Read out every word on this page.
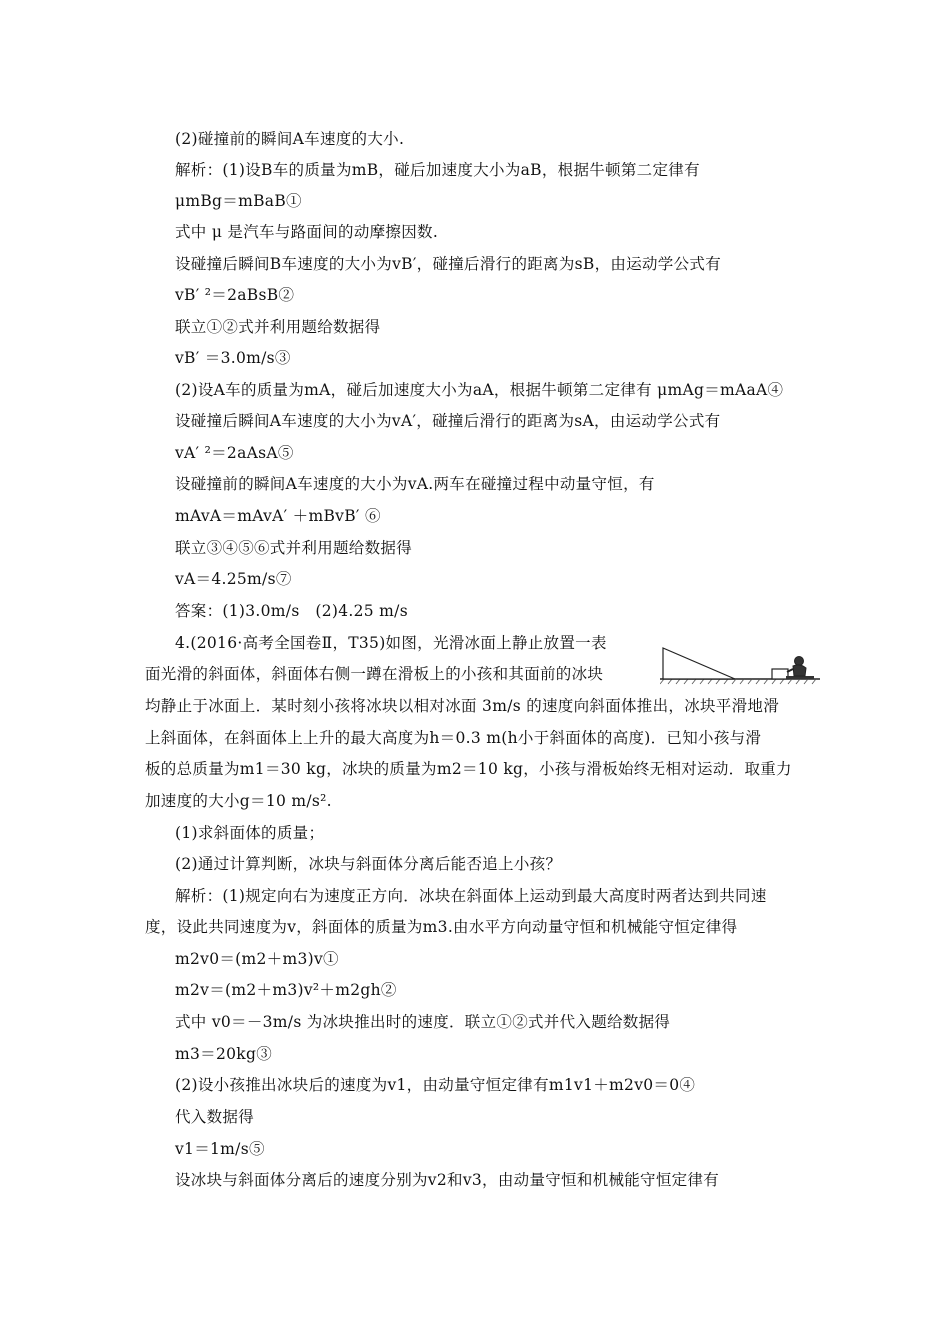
(2)碰撞前的瞬间A车速度的大小.
解析：(1)设B车的质量为mB，碰后加速度大小为aB，根据牛顿第二定律有
μmBg＝mBaB①
式中 μ 是汽车与路面间的动摩擦因数.
设碰撞后瞬间B车速度的大小为vB′，碰撞后滑行的距离为sB，由运动学公式有
vB′ ²＝2aBsB②
联立①②式并利用题给数据得
vB′ ＝3.0m/s③
(2)设A车的质量为mA，碰后加速度大小为aA，根据牛顿第二定律有 μmAg＝mAaA④
设碰撞后瞬间A车速度的大小为vA′，碰撞后滑行的距离为sA，由运动学公式有
vA′ ²＝2aAsA⑤
设碰撞前的瞬间A车速度的大小为vA.两车在碰撞过程中动量守恒，有
mAvA＝mAvA′ ＋mBvB′ ⑥
联立③④⑤⑥式并利用题给数据得
vA＝4.25m/s⑦
答案：(1)3.0m/s　(2)4.25 m/s
4.(2016·高考全国卷Ⅱ，T35)如图，光滑冰面上静止放置一表
面光滑的斜面体，斜面体右侧一蹲在滑板上的小孩和其面前的冰块
均静止于冰面上．某时刻小孩将冰块以相对冰面 3m/s 的速度向斜面体推出，冰块平滑地滑
上斜面体，在斜面体上上升的最大高度为h＝0.3 m(h小于斜面体的高度)．已知小孩与滑
板的总质量为m1＝30 kg，冰块的质量为m2＝10 kg，小孩与滑板始终无相对运动．取重力
加速度的大小g＝10 m/s².
(1)求斜面体的质量；
(2)通过计算判断，冰块与斜面体分离后能否追上小孩？
解析：(1)规定向右为速度正方向．冰块在斜面体上运动到最大高度时两者达到共同速
度，设此共同速度为v，斜面体的质量为m3.由水平方向动量守恒和机械能守恒定律得
m2v0＝(m2＋m3)v①
m2v＝(m2＋m3)v²＋m2gh②
式中 v0＝－3m/s 为冰块推出时的速度．联立①②式并代入题给数据得
m3＝20kg③
(2)设小孩推出冰块后的速度为v1，由动量守恒定律有m1v1＋m2v0＝0④
代入数据得
v1＝1m/s⑤
设冰块与斜面体分离后的速度分别为v2和v3，由动量守恒和机械能守恒定律有
